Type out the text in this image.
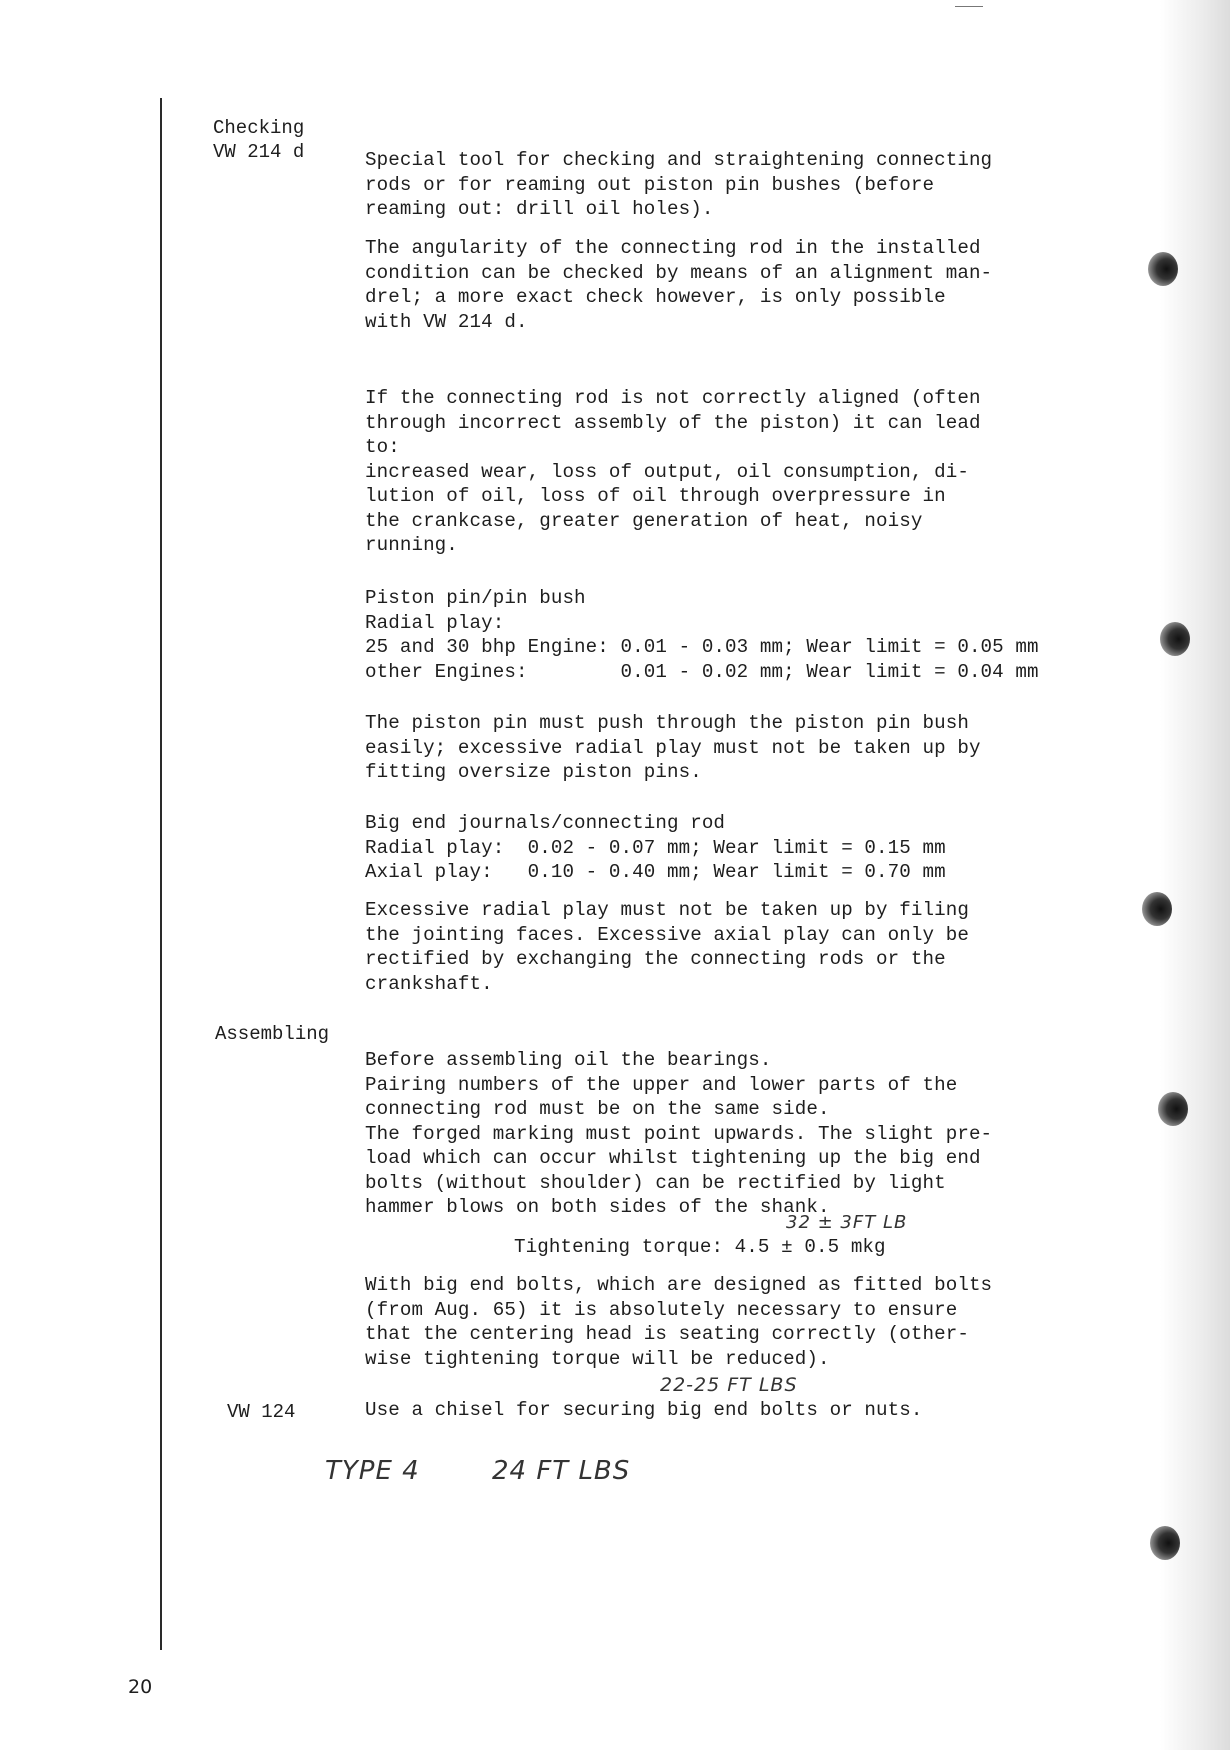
Checking
VW 214 d
Assembling
VW 124
Special tool for checking and straightening connecting
rods or for reaming out piston pin bushes (before
reaming out: drill oil holes).
The angularity of the connecting rod in the installed
condition can be checked by means of an alignment man-
drel; a more exact check however, is only possible
with VW 214 d.
If the connecting rod is not correctly aligned (often
through incorrect assembly of the piston) it can lead
to:
increased wear, loss of output, oil consumption, di-
lution of oil, loss of oil through overpressure in
the crankcase, greater generation of heat, noisy
running.
Piston pin/pin bush
Radial play:
25 and 30 bhp Engine: 0.01 - 0.03 mm; Wear limit = 0.05 mm
other Engines:        0.01 - 0.02 mm; Wear limit = 0.04 mm
The piston pin must push through the piston pin bush
easily; excessive radial play must not be taken up by
fitting oversize piston pins.
Big end journals/connecting rod
Radial play:  0.02 - 0.07 mm; Wear limit = 0.15 mm
Axial play:   0.10 - 0.40 mm; Wear limit = 0.70 mm
Excessive radial play must not be taken up by filing
the jointing faces. Excessive axial play can only be
rectified by exchanging the connecting rods or the
crankshaft.
Before assembling oil the bearings.
Pairing numbers of the upper and lower parts of the
connecting rod must be on the same side.
The forged marking must point upwards. The slight pre-
load which can occur whilst tightening up the big end
bolts (without shoulder) can be rectified by light
hammer blows on both sides of the shank.
Tightening torque: 4.5 ± 0.5 mkg
With big end bolts, which are designed as fitted bolts
(from Aug. 65) it is absolutely necessary to ensure
that the centering head is seating correctly (other-
wise tightening torque will be reduced).
Use a chisel for securing big end bolts or nuts.
32 ± 3FT LB
22-25 FT LBS
TYPE 4	24 FT LBS
20
